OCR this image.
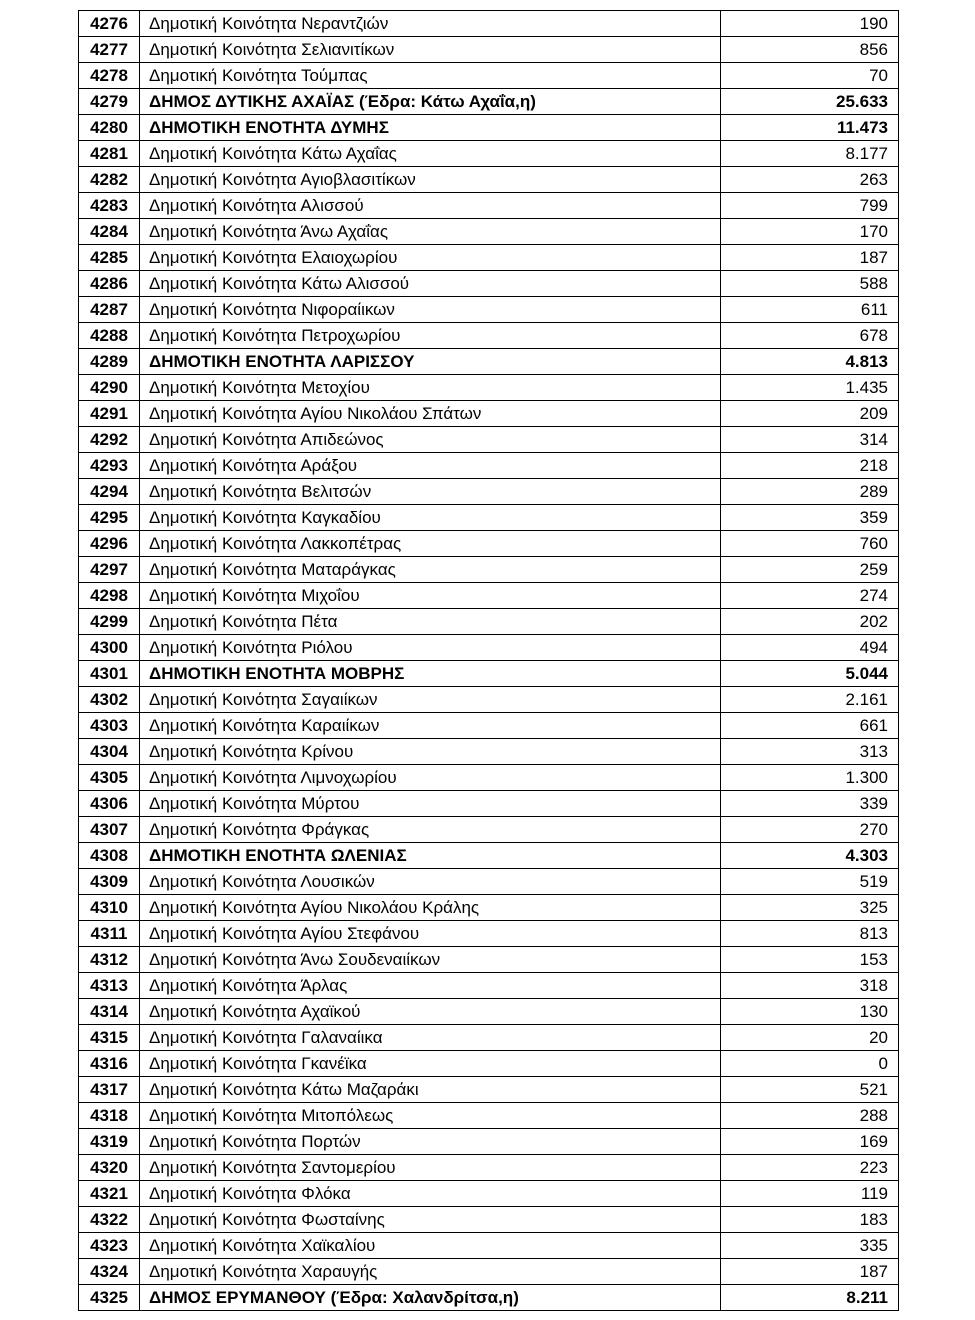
4276	Δημοτική Κοινότητα Νεραντζιών	190
4277	Δημοτική Κοινότητα Σελιανιτίκων	856
4278	Δημοτική Κοινότητα Τούμπας	70
4279	ΔΗΜΟΣ ΔΥΤΙΚΗΣ ΑΧΑΪΑΣ (Έδρα: Κάτω Αχαΐα,η)	25.633
4280	ΔΗΜΟΤΙΚΗ ΕΝΟΤΗΤΑ ΔΥΜΗΣ	11.473
4281	Δημοτική Κοινότητα Κάτω Αχαΐας	8.177
4282	Δημοτική Κοινότητα Αγιοβλασιτίκων	263
4283	Δημοτική Κοινότητα Αλισσού	799
4284	Δημοτική Κοινότητα Άνω Αχαΐας	170
4285	Δημοτική Κοινότητα Ελαιοχωρίου	187
4286	Δημοτική Κοινότητα Κάτω Αλισσού	588
4287	Δημοτική Κοινότητα Νιφοραίικων	611
4288	Δημοτική Κοινότητα Πετροχωρίου	678
4289	ΔΗΜΟΤΙΚΗ ΕΝΟΤΗΤΑ ΛΑΡΙΣΣΟΥ	4.813
4290	Δημοτική Κοινότητα Μετοχίου	1.435
4291	Δημοτική Κοινότητα Αγίου Νικολάου Σπάτων	209
4292	Δημοτική Κοινότητα Απιδεώνος	314
4293	Δημοτική Κοινότητα Αράξου	218
4294	Δημοτική Κοινότητα Βελιτσών	289
4295	Δημοτική Κοινότητα Καγκαδίου	359
4296	Δημοτική Κοινότητα Λακκοπέτρας	760
4297	Δημοτική Κοινότητα Ματαράγκας	259
4298	Δημοτική Κοινότητα Μιχοΐου	274
4299	Δημοτική Κοινότητα Πέτα	202
4300	Δημοτική Κοινότητα Ριόλου	494
4301	ΔΗΜΟΤΙΚΗ ΕΝΟΤΗΤΑ ΜΟΒΡΗΣ	5.044
4302	Δημοτική Κοινότητα Σαγαιίκων	2.161
4303	Δημοτική Κοινότητα Καραιίκων	661
4304	Δημοτική Κοινότητα Κρίνου	313
4305	Δημοτική Κοινότητα Λιμνοχωρίου	1.300
4306	Δημοτική Κοινότητα Μύρτου	339
4307	Δημοτική Κοινότητα Φράγκας	270
4308	ΔΗΜΟΤΙΚΗ ΕΝΟΤΗΤΑ ΩΛΕΝΙΑΣ	4.303
4309	Δημοτική Κοινότητα Λουσικών	519
4310	Δημοτική Κοινότητα Αγίου Νικολάου Κράλης	325
4311	Δημοτική Κοινότητα Αγίου Στεφάνου	813
4312	Δημοτική Κοινότητα Άνω Σουδεναιίκων	153
4313	Δημοτική Κοινότητα Άρλας	318
4314	Δημοτική Κοινότητα Αχαϊκού	130
4315	Δημοτική Κοινότητα Γαλαναίικα	20
4316	Δημοτική Κοινότητα Γκανέϊκα	0
4317	Δημοτική Κοινότητα Κάτω Μαζαράκι	521
4318	Δημοτική Κοινότητα Μιτοπόλεως	288
4319	Δημοτική Κοινότητα Πορτών	169
4320	Δημοτική Κοινότητα Σαντομερίου	223
4321	Δημοτική Κοινότητα Φλόκα	119
4322	Δημοτική Κοινότητα Φωσταίνης	183
4323	Δημοτική Κοινότητα Χαϊκαλίου	335
4324	Δημοτική Κοινότητα Χαραυγής	187
4325	ΔΗΜΟΣ ΕΡΥΜΑΝΘΟΥ (Έδρα: Χαλανδρίτσα,η)	8.211
